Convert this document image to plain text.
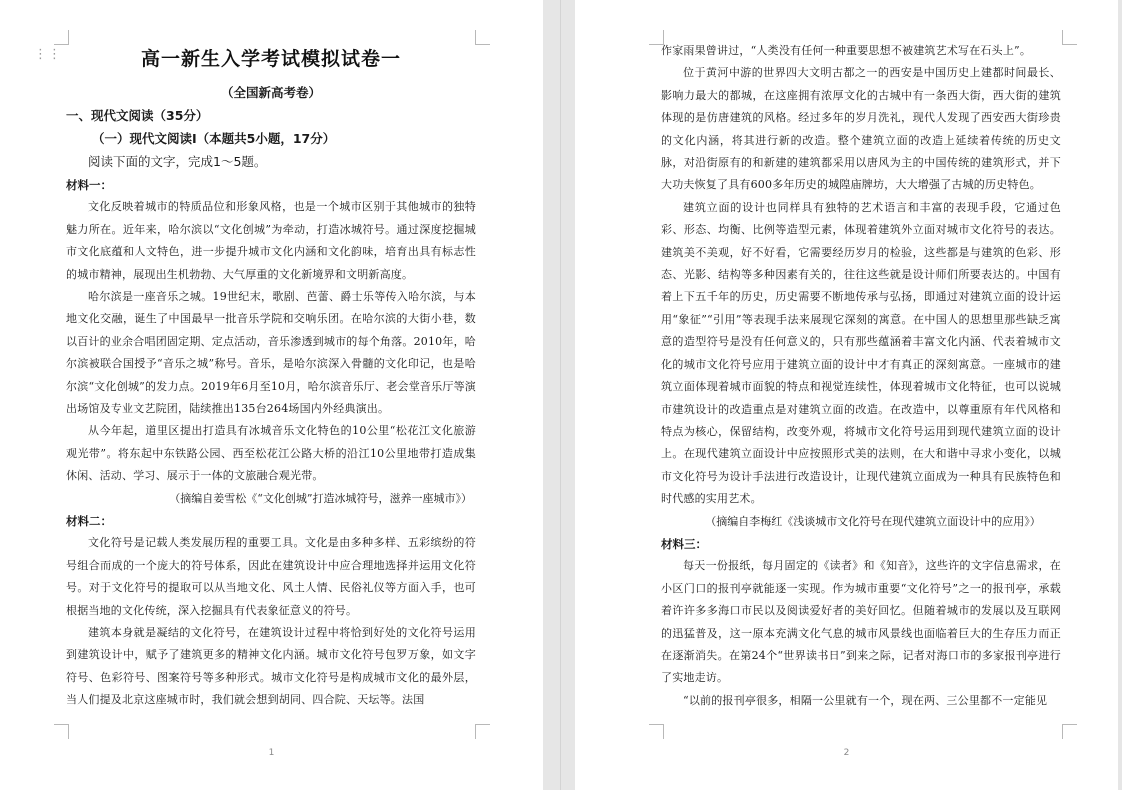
⋮⋮	高一新生入学考试模拟试卷一
（全国新高考卷）
一、现代文阅读（35分）
（一）现代文阅读Ⅰ（本题共5小题，17分）
阅读下面的文字，完成1～5题。
材料一：

文化反映着城市的特质品位和形象风格，也是一个城市区别于其他城市的独特魅力所在。近年来，哈尔滨以“文化创城”为牵动，打造冰城符号。通过深度挖掘城市文化底蕴和人文特色，进一步提升城市文化内涵和文化韵味，培育出具有标志性的城市精神，展现出生机勃勃、大气厚重的文化新境界和文明新高度。

哈尔滨是一座音乐之城。19世纪末，歌剧、芭蕾、爵士乐等传入哈尔滨，与本地文化交融，诞生了中国最早一批音乐学院和交响乐团。在哈尔滨的大街小巷，数以百计的业余合唱团固定期、定点活动，音乐渗透到城市的每个角落。2010年，哈尔滨被联合国授予“音乐之城”称号。音乐，是哈尔滨深入骨髓的文化印记，也是哈尔滨“文化创城”的发力点。2019年6月至10月，哈尔滨音乐厅、老会堂音乐厅等演出场馆及专业文艺院团，陆续推出135台264场国内外经典演出。

从今年起，道里区提出打造具有冰城音乐文化特色的10公里“松花江文化旅游观光带”。将东起中东铁路公园、西至松花江公路大桥的沿江10公里地带打造成集休闲、活动、学习、展示于一体的文旅融合观光带。

（摘编自姜雪松《“文化创城”打造冰城符号，滋养一座城市》）
材料二：

文化符号是记载人类发展历程的重要工具。文化是由多种多样、五彩缤纷的符号组合而成的一个庞大的符号体系，因此在建筑设计中应合理地选择并运用文化符号。对于文化符号的提取可以从当地文化、风土人情、民俗礼仪等方面入手，也可根据当地的文化传统，深入挖掘具有代表象征意义的符号。

建筑本身就是凝结的文化符号，在建筑设计过程中将恰到好处的文化符号运用到建筑设计中，赋予了建筑更多的精神文化内涵。城市文化符号包罗万象，如文字符号、色彩符号、图案符号等多种形式。城市文化符号是构成城市文化的最外层，当人们提及北京这座城市时，我们就会想到胡同、四合院、天坛等。法国

1

作家雨果曾讲过，“人类没有任何一种重要思想不被建筑艺术写在石头上”。

位于黄河中游的世界四大文明古都之一的西安是中国历史上建都时间最长、影响力最大的都城，在这座拥有浓厚文化的古城中有一条西大街，西大街的建筑体现的是仿唐建筑的风格。经过多年的岁月洗礼，现代人发现了西安西大街珍贵的文化内涵，将其进行新的改造。整个建筑立面的改造上延续着传统的历史文脉，对沿街原有的和新建的建筑都采用以唐风为主的中国传统的建筑形式，并下大功夫恢复了具有600多年历史的城隍庙牌坊，大大增强了古城的历史特色。

建筑立面的设计也同样具有独特的艺术语言和丰富的表现手段，它通过色彩、形态、均衡、比例等造型元素，体现着建筑外立面对城市文化符号的表达。建筑美不美观，好不好看，它需要经历岁月的检验，这些都是与建筑的色彩、形态、光影、结构等多种因素有关的，往往这些就是设计师们所要表达的。中国有着上下五千年的历史，历史需要不断地传承与弘扬，即通过对建筑立面的设计运用“象征”“引用”等表现手法来展现它深刻的寓意。在中国人的思想里那些缺乏寓意的造型符号是没有任何意义的，只有那些蕴涵着丰富文化内涵、代表着城市文化的城市文化符号应用于建筑立面的设计中才有真正的深刻寓意。一座城市的建筑立面体现着城市面貌的特点和视觉连续性，体现着城市文化特征，也可以说城市建筑设计的改造重点是对建筑立面的改造。在改造中，以尊重原有年代风格和特点为核心，保留结构，改变外观，将城市文化符号运用到现代建筑立面的设计上。在现代建筑立面设计中应按照形式美的法则，在大和谐中寻求小变化，以城市文化符号为设计手法进行改造设计，让现代建筑立面成为一种具有民族特色和时代感的实用艺术。

（摘编自李梅红《浅谈城市文化符号在现代建筑立面设计中的应用》）
材料三：

每天一份报纸，每月固定的《读者》和《知音》，这些许的文字信息需求，在小区门口的报刊亭就能逐一实现。作为城市重要“文化符号”之一的报刊亭，承载着许许多多海口市民以及阅读爱好者的美好回忆。但随着城市的发展以及互联网的迅猛普及，这一原本充满文化气息的城市风景线也面临着巨大的生存压力而正在逐渐消失。在第24个“世界读书日”到来之际，记者对海口市的多家报刊亭进行了实地走访。

“以前的报刊亭很多，相隔一公里就有一个，现在两、三公里都不一定能见

2
